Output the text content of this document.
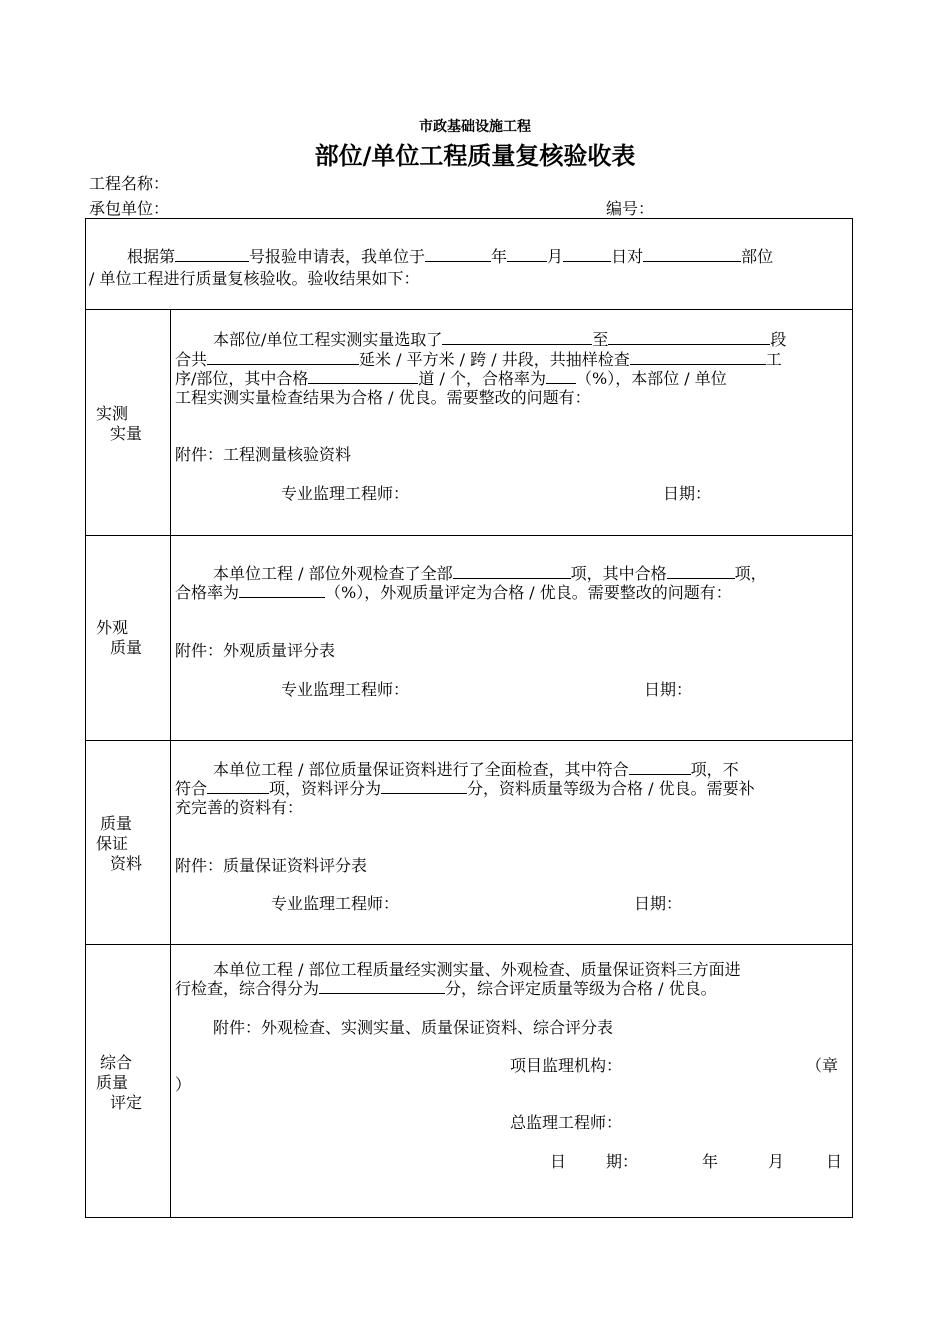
市政基础设施工程
部位/单位工程质量复核验收表
工程名称：
承包单位：	编号：
根据第	号报验申请表，我单位于	年	月	日对	部位
/ 单位工程进行质量复核验收。验收结果如下：
实测
实量
本部位/单位工程实测实量选取了	至	段
合共	延米 / 平方米 / 跨 / 井段，共抽样检查	工
序/部位，其中合格	道 / 个，合格率为 （%），本部位 / 单位
工程实测实量检查结果为合格 / 优良。需要整改的问题有：
附件：工程测量核验资料
专业监理工程师：	日期：
外观
质量
本单位工程 / 部位外观检查了全部	项，其中合格	项，
合格率为	（%），外观质量评定为合格 / 优良。需要整改的问题有：
附件：外观质量评分表
专业监理工程师：	日期：
质量
保证
资料
本单位工程 / 部位质量保证资料进行了全面检查，其中符合	项，不
符合	项，资料评分为	分，资料质量等级为合格 / 优良。需要补
充完善的资料有：
附件：质量保证资料评分表
专业监理工程师：	日期：
综合
质量
评定
本单位工程 / 部位工程质量经实测实量、外观检查、质量保证资料三方面进
行检查，综合得分为	分，综合评定质量等级为合格 / 优良。
附件：外观检查、实测实量、质量保证资料、综合评分表
项目监理机构：	（章
）
总监理工程师：
日 期：	年	月	日
